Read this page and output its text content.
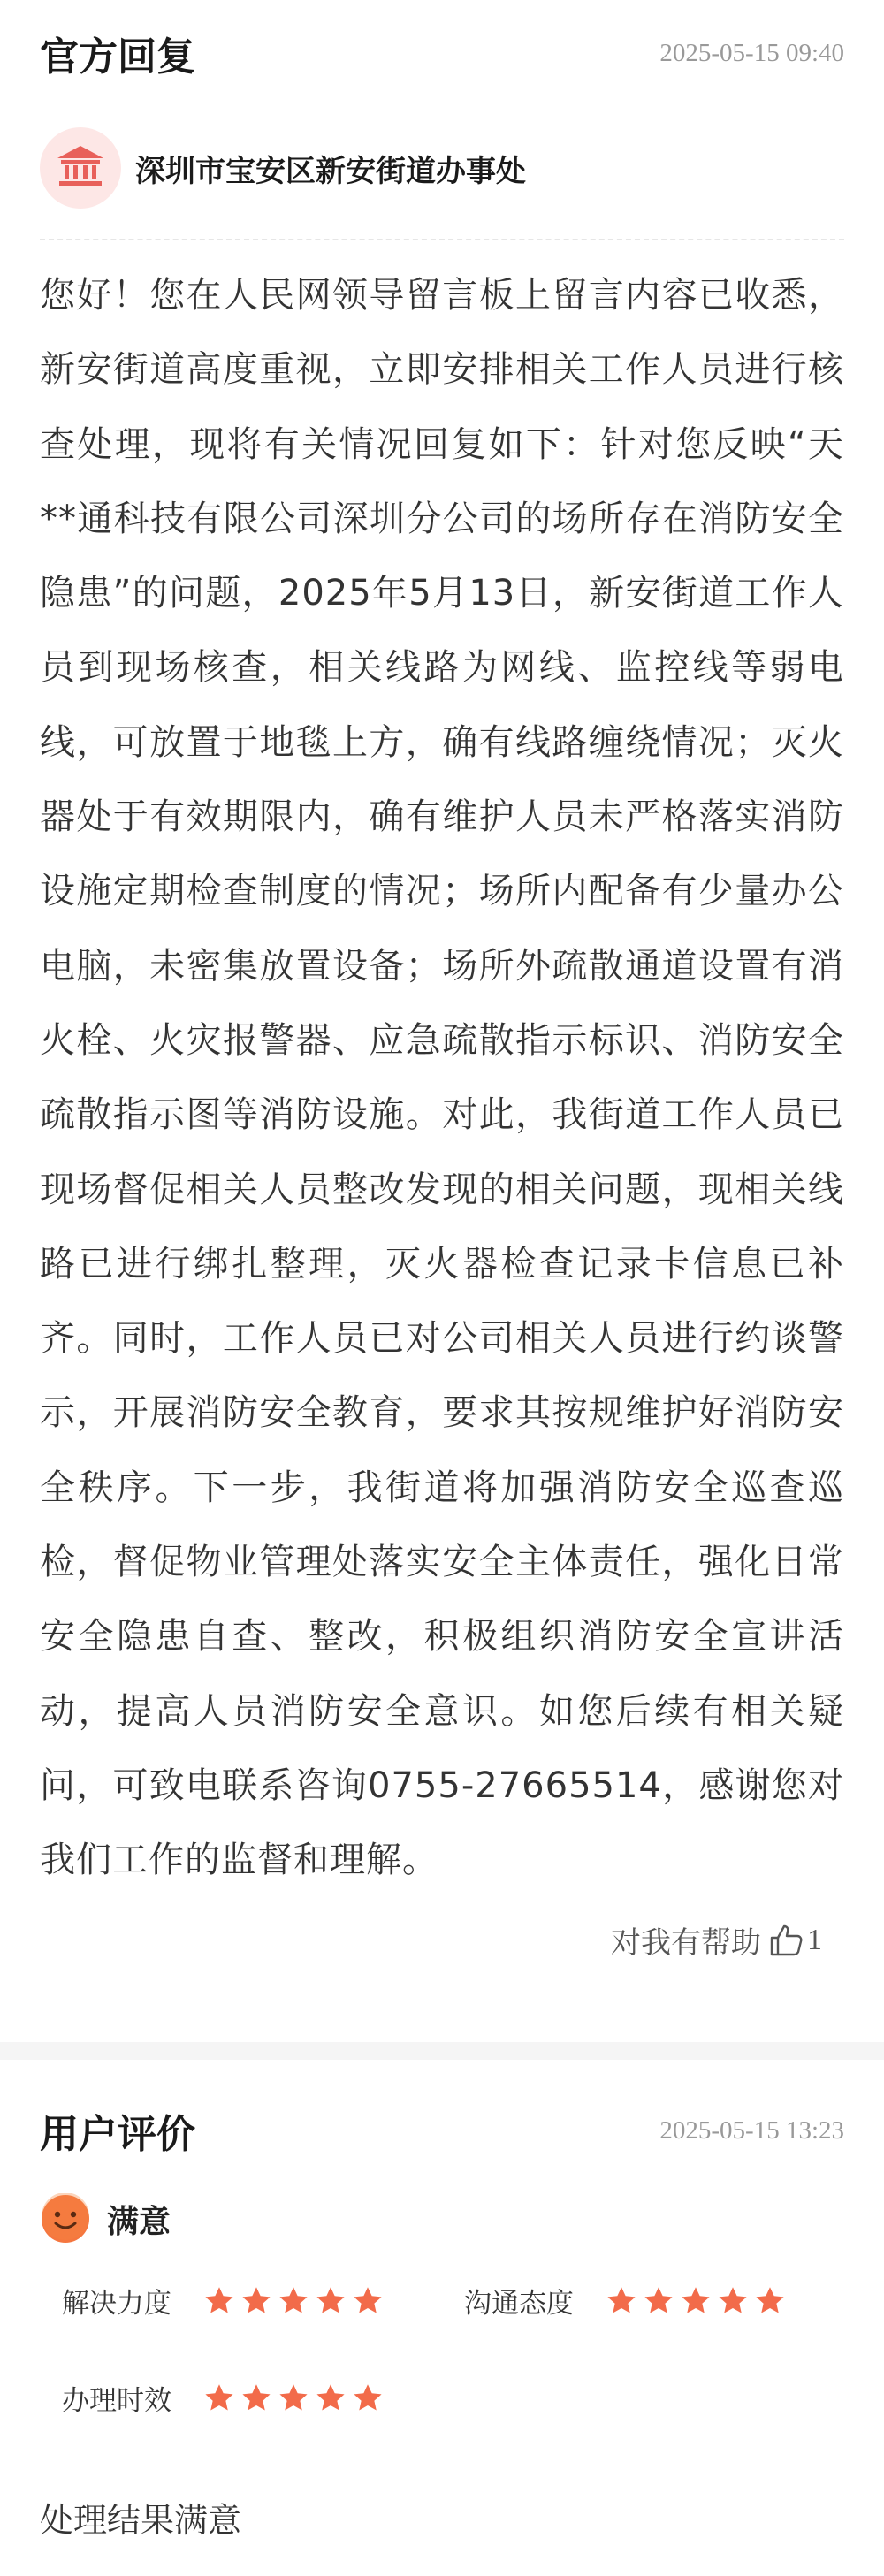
官方回复	2025-05-15 09:40
深圳市宝安区新安街道办事处
您好！您在人民网领导留言板上留言内容已收悉，新安街道高度重视，立即安排相关工作人员进行核查处理，现将有关情况回复如下：针对您反映“天**通科技有限公司深圳分公司的场所存在消防安全隐患”的问题，2025年5月13日，新安街道工作人员到现场核查，相关线路为网线、监控线等弱电线，可放置于地毯上方，确有线路缠绕情况；灭火器处于有效期限内，确有维护人员未严格落实消防设施定期检查制度的情况；场所内配备有少量办公电脑，未密集放置设备；场所外疏散通道设置有消火栓、火灾报警器、应急疏散指示标识、消防安全疏散指示图等消防设施。对此，我街道工作人员已现场督促相关人员整改发现的相关问题，现相关线路已进行绑扎整理，灭火器检查记录卡信息已补齐。同时，工作人员已对公司相关人员进行约谈警示，开展消防安全教育，要求其按规维护好消防安全秩序。下一步，我街道将加强消防安全巡查巡检，督促物业管理处落实安全主体责任，强化日常安全隐患自查、整改，积极组织消防安全宣讲活动，提高人员消防安全意识。如您后续有相关疑问，可致电联系咨询0755-27665514，感谢您对我们工作的监督和理解。
对我有帮助 1
用户评价	2025-05-15 13:23
满意
解决力度	沟通态度
办理时效
处理结果满意
